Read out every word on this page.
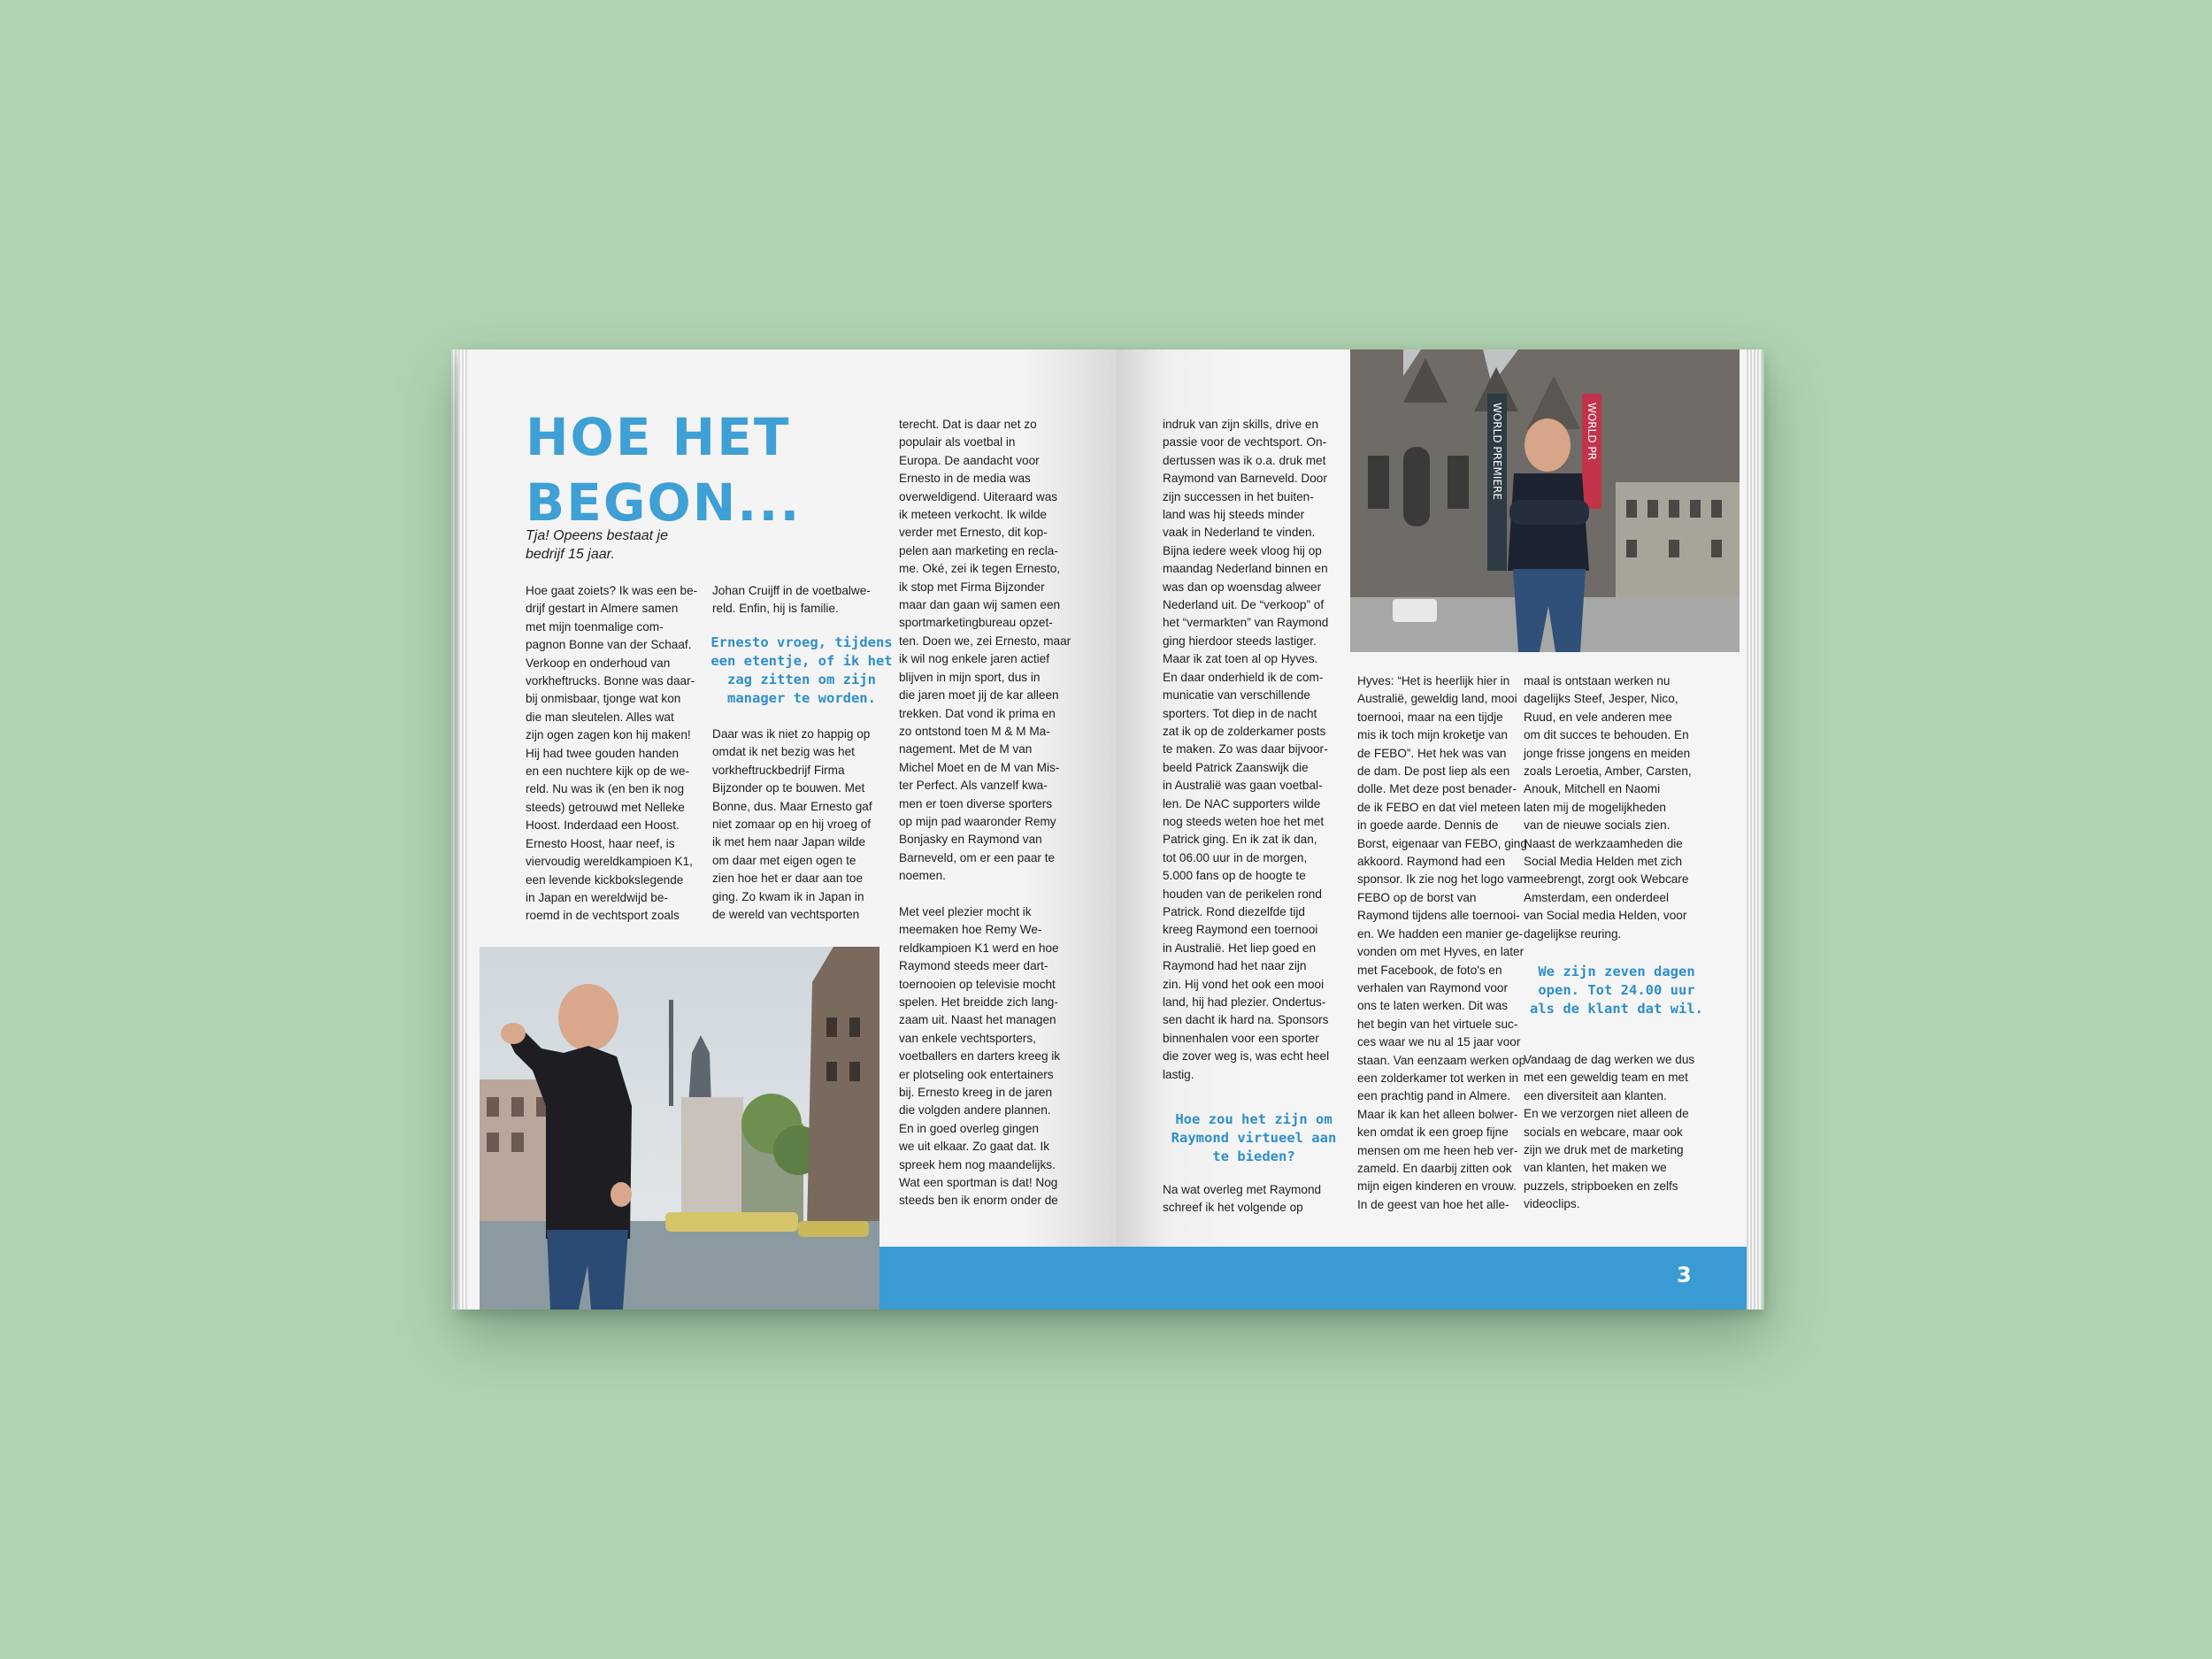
HOE HET BEGON...
Tja! Opeens bestaat je bedrijf 15 jaar.
Hoe gaat zoiets? Ik was een be-
drijf gestart in Almere samen
met mijn toenmalige com-
pagnon Bonne van der Schaaf.
Verkoop en onderhoud van
vorkheftrucks. Bonne was daar-
bij onmisbaar, tjonge wat kon
die man sleutelen. Alles wat
zijn ogen zagen kon hij maken!
Hij had twee gouden handen
en een nuchtere kijk op de we-
reld. Nu was ik (en ben ik nog
steeds) getrouwd met Nelleke
Hoost. Inderdaad een Hoost.
Ernesto Hoost, haar neef, is
viervoudig wereldkampioen K1,
een levende kickbokslegende
in Japan en wereldwijd be-
roemd in de vechtsport zoals
Johan Cruijff in de voetbalwe-
reld. Enfin, hij is familie.
Ernesto vroeg, tijdens
een etentje, of ik het
zag zitten om zijn
manager te worden.
Daar was ik niet zo happig op
omdat ik net bezig was het
vorkheftruckbedrijf Firma
Bijzonder op te bouwen. Met
Bonne, dus. Maar Ernesto gaf
niet zomaar op en hij vroeg of
ik met hem naar Japan wilde
om daar met eigen ogen te
zien hoe het er daar aan toe
ging. Zo kwam ik in Japan in
de wereld van vechtsporten
terecht. Dat is daar net zo
populair als voetbal in
Europa. De aandacht voor
Ernesto in de media was
overweldigend. Uiteraard was
ik meteen verkocht. Ik wilde
verder met Ernesto, dit kop-
pelen aan marketing en recla-
me. Oké, zei ik tegen Ernesto,
ik stop met Firma Bijzonder
maar dan gaan wij samen een
sportmarketingbureau opzet-
ten. Doen we, zei Ernesto, maar
ik wil nog enkele jaren actief
blijven in mijn sport, dus in
die jaren moet jij de kar alleen
trekken. Dat vond ik prima en
zo ontstond toen M & M Ma-
nagement. Met de M van
Michel Moet en de M van Mis-
ter Perfect. Als vanzelf kwa-
men er toen diverse sporters
op mijn pad waaronder Remy
Bonjasky en Raymond van
Barneveld, om er een paar te
noemen.

Met veel plezier mocht ik
meemaken hoe Remy We-
reldkampioen K1 werd en hoe
Raymond steeds meer dart-
toernooien op televisie mocht
spelen. Het breidde zich lang-
zaam uit. Naast het managen
van enkele vechtsporters,
voetballers en darters kreeg ik
er plotseling ook entertainers
bij. Ernesto kreeg in de jaren
die volgden andere plannen.
En in goed overleg gingen
we uit elkaar. Zo gaat dat. Ik
spreek hem nog maandelijks.
Wat een sportman is dat! Nog
steeds ben ik enorm onder de
indruk van zijn skills, drive en
passie voor de vechtsport. On-
dertussen was ik o.a. druk met
Raymond van Barneveld. Door
zijn successen in het buiten-
land was hij steeds minder
vaak in Nederland te vinden.
Bijna iedere week vloog hij op
maandag Nederland binnen en
was dan op woensdag alweer
Nederland uit. De “verkoop” of
het “vermarkten” van Raymond
ging hierdoor steeds lastiger.
Maar ik zat toen al op Hyves.
En daar onderhield ik de com-
municatie van verschillende
sporters. Tot diep in de nacht
zat ik op de zolderkamer posts
te maken. Zo was daar bijvoor-
beeld Patrick Zaanswijk die
in Australië was gaan voetbal-
len. De NAC supporters wilde
nog steeds weten hoe het met
Patrick ging. En ik zat ik dan,
tot 06.00 uur in de morgen,
5.000 fans op de hoogte te
houden van de perikelen rond
Patrick. Rond diezelfde tijd
kreeg Raymond een toernooi
in Australië. Het liep goed en
Raymond had het naar zijn
zin. Hij vond het ook een mooi
land, hij had plezier. Ondertus-
sen dacht ik hard na. Sponsors
binnenhalen voor een sporter
die zover weg is, was echt heel
lastig.
Hoe zou het zijn om
Raymond virtueel aan
te bieden?
Na wat overleg met Raymond
schreef ik het volgende op
Hyves: “Het is heerlijk hier in
Australië, geweldig land, mooi
toernooi, maar na een tijdje
mis ik toch mijn kroketje van
de FEBO”. Het hek was van
de dam. De post liep als een
dolle. Met deze post benader-
de ik FEBO en dat viel meteen
in goede aarde. Dennis de
Borst, eigenaar van FEBO, ging
akkoord. Raymond had een
sponsor. Ik zie nog het logo van
FEBO op de borst van
Raymond tijdens alle toernooi-
en. We hadden een manier ge-
vonden om met Hyves, en later
met Facebook, de foto's en
verhalen van Raymond voor
ons te laten werken. Dit was
het begin van het virtuele suc-
ces waar we nu al 15 jaar voor
staan. Van eenzaam werken op
een zolderkamer tot werken in
een prachtig pand in Almere.
Maar ik kan het alleen bolwer-
ken omdat ik een groep fijne
mensen om me heen heb ver-
zameld. En daarbij zitten ook
mijn eigen kinderen en vrouw.
In de geest van hoe het alle-
maal is ontstaan werken nu
dagelijks Steef, Jesper, Nico,
Ruud, en vele anderen mee
om dit succes te behouden. En
jonge frisse jongens en meiden
zoals Leroetia, Amber, Carsten,
Anouk, Mitchell en Naomi
laten mij de mogelijkheden
van de nieuwe socials zien.
Naast de werkzaamheden die
Social Media Helden met zich
meebrengt, zorgt ook Webcare
Amsterdam, een onderdeel
van Social media Helden, voor
dagelijkse reuring.
We zijn zeven dagen
open. Tot 24.00 uur
als de klant dat wil.
Vandaag de dag werken we dus
met een geweldig team en met
een diversiteit aan klanten.
En we verzorgen niet alleen de
socials en webcare, maar ook
zijn we druk met de marketing
van klanten, het maken we
puzzels, stripboeken en zelfs
videoclips.
WORLD PREMIERE	WORLD PR
3
